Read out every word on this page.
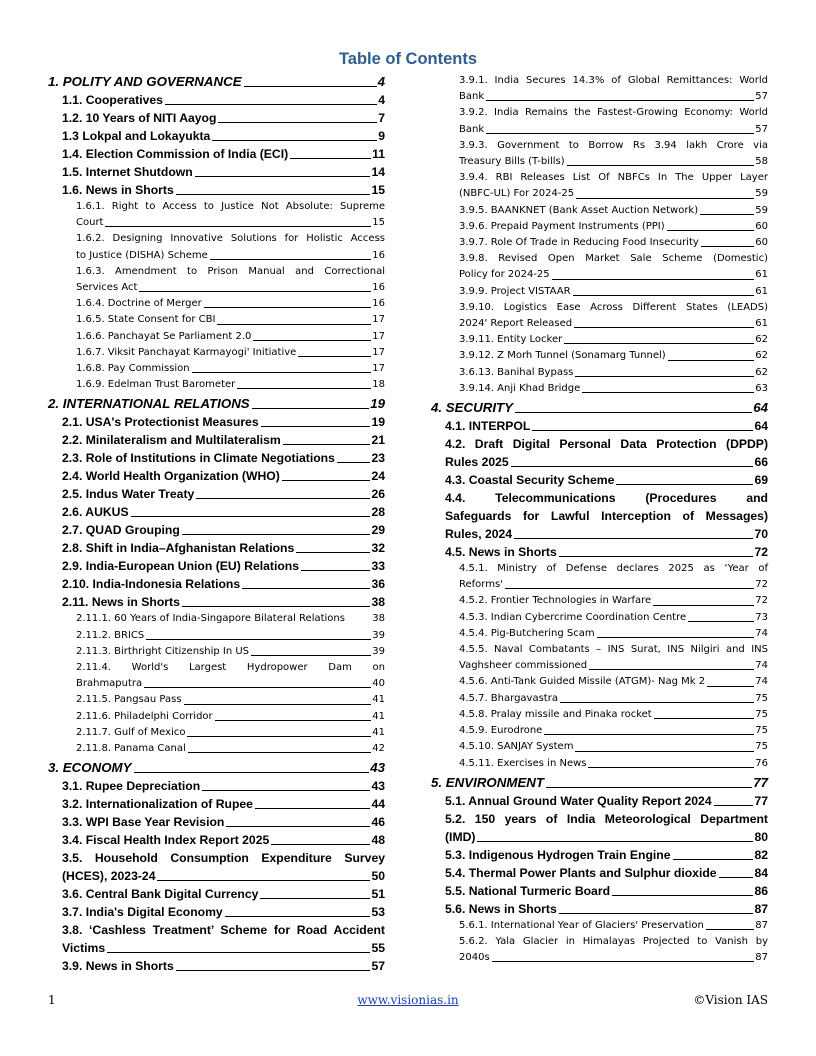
Table of Contents
1. POLITY AND GOVERNANCE	4
1.1. Cooperatives	4
1.2. 10 Years of NITI Aayog	7
1.3 Lokpal and Lokayukta	9
1.4. Election Commission of India (ECI)	11
1.5. Internet Shutdown	14
1.6. News in Shorts	15
1.6.1. Right to Access to Justice Not Absolute: Supreme
Court	15
1.6.2. Designing Innovative Solutions for Holistic Access
to Justice (DISHA) Scheme	16
1.6.3. Amendment to Prison Manual and Correctional
Services Act	16
1.6.4. Doctrine of Merger	16
1.6.5. State Consent for CBI	17
1.6.6. Panchayat Se Parliament 2.0	17
1.6.7. Viksit Panchayat Karmayogi' Initiative	17
1.6.8. Pay Commission	17
1.6.9. Edelman Trust Barometer	18
2. INTERNATIONAL RELATIONS	19
2.1. USA's Protectionist Measures	19
2.2. Minilateralism and Multilateralism	21
2.3. Role of Institutions in Climate Negotiations	23
2.4. World Health Organization (WHO)	24
2.5. Indus Water Treaty	26
2.6. AUKUS	28
2.7. QUAD Grouping	29
2.8. Shift in India–Afghanistan Relations	32
2.9. India-European Union (EU) Relations	33
2.10. India-Indonesia Relations	36
2.11. News in Shorts	38
2.11.1. 60 Years of India-Singapore Bilateral Relations	38
2.11.2. BRICS	39
2.11.3. Birthright Citizenship In US	39
2.11.4. World's Largest Hydropower Dam on
Brahmaputra	40
2.11.5. Pangsau Pass	41
2.11.6. Philadelphi Corridor	41
2.11.7. Gulf of Mexico	41
2.11.8. Panama Canal	42
3. ECONOMY	43
3.1. Rupee Depreciation	43
3.2. Internationalization of Rupee	44
3.3. WPI Base Year Revision	46
3.4. Fiscal Health Index Report 2025	48
3.5. Household Consumption Expenditure Survey
(HCES), 2023-24	50
3.6. Central Bank Digital Currency	51
3.7. India's Digital Economy	53
3.8. ‘Cashless Treatment’ Scheme for Road Accident
Victims	55
3.9. News in Shorts	57
3.9.1. India Secures 14.3% of Global Remittances: World
Bank	57
3.9.2. India Remains the Fastest-Growing Economy: World
Bank	57
3.9.3. Government to Borrow Rs 3.94 lakh Crore via
Treasury Bills (T-bills)	58
3.9.4. RBI Releases List Of NBFCs In The Upper Layer
(NBFC-UL) For 2024-25	59
3.9.5. BAANKNET (Bank Asset Auction Network)	59
3.9.6. Prepaid Payment Instruments (PPI)	60
3.9.7. Role Of Trade in Reducing Food Insecurity	60
3.9.8. Revised Open Market Sale Scheme (Domestic)
Policy for 2024-25	61
3.9.9. Project VISTAAR	61
3.9.10. Logistics Ease Across Different States (LEADS)
2024' Report Released	61
3.9.11. Entity Locker	62
3.9.12. Z Morh Tunnel (Sonamarg Tunnel)	62
3.6.13. Banihal Bypass	62
3.9.14. Anji Khad Bridge	63
4. SECURITY	64
4.1. INTERPOL	64
4.2. Draft Digital Personal Data Protection (DPDP)
Rules 2025	66
4.3. Coastal Security Scheme	69
4.4. Telecommunications (Procedures and
Safeguards for Lawful Interception of Messages)
Rules, 2024	70
4.5. News in Shorts	72
4.5.1. Ministry of Defense declares 2025 as ‘Year of
Reforms'	72
4.5.2. Frontier Technologies in Warfare	72
4.5.3. Indian Cybercrime Coordination Centre	73
4.5.4. Pig-Butchering Scam	74
4.5.5. Naval Combatants – INS Surat, INS Nilgiri and INS
Vaghsheer commissioned	74
4.5.6. Anti-Tank Guided Missile (ATGM)- Nag Mk 2	74
4.5.7. Bhargavastra	75
4.5.8. Pralay missile and Pinaka rocket	75
4.5.9. Eurodrone	75
4.5.10. SANJAY System	75
4.5.11. Exercises in News	76
5. ENVIRONMENT	77
5.1. Annual Ground Water Quality Report 2024	77
5.2. 150 years of India Meteorological Department
(IMD)	80
5.3. Indigenous Hydrogen Train Engine	82
5.4. Thermal Power Plants and Sulphur dioxide	84
5.5. National Turmeric Board	86
5.6. News in Shorts	87
5.6.1. International Year of Glaciers' Preservation	87
5.6.2. Yala Glacier in Himalayas Projected to Vanish by
2040s	87
1	www.visionias.in	©Vision IAS
